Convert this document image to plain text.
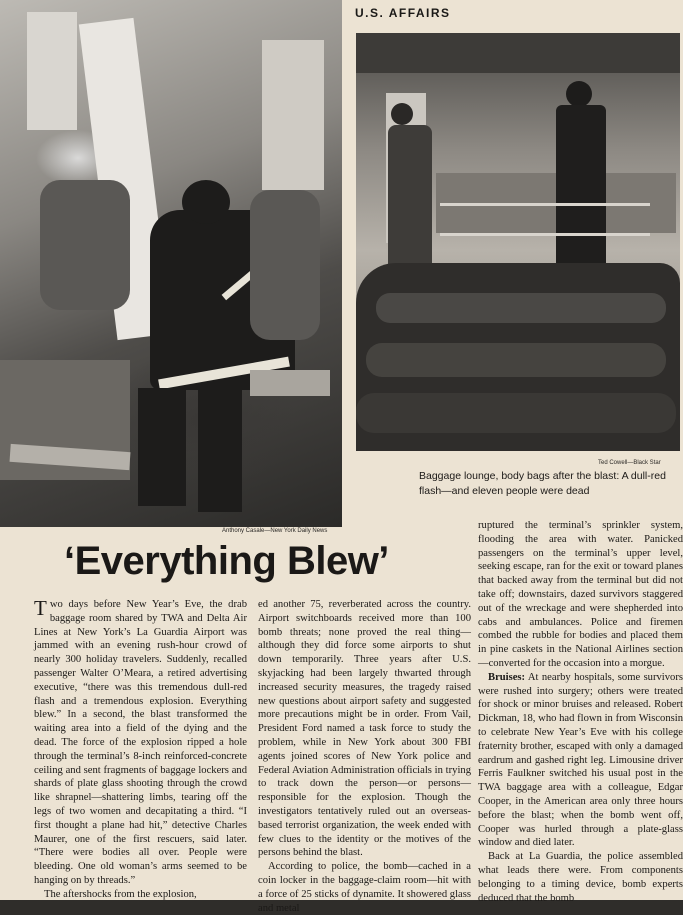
Anthony Casale—New York Daily News
U.S. AFFAIRS
Ted Cowell—Black Star
Baggage lounge, body bags after the blast: A dull-red flash—and eleven people were dead
‘Everything Blew’

Two days before New Year’s Eve, the drab baggage room shared by TWA and Delta Air Lines at New York’s La Guardia Airport was jammed with an evening rush-hour crowd of nearly 300 holiday travelers. Suddenly, recalled passenger Walter O’Meara, a retired advertising executive, “there was this tremendous dull-red flash and a tremendous explosion. Everything blew.” In a second, the blast transformed the waiting area into a field of the dying and the dead. The force of the explosion ripped a hole through the terminal’s 8-inch reinforced-concrete ceiling and sent fragments of baggage lockers and shards of plate glass shooting through the crowd like shrapnel—shattering limbs, tearing off the legs of two women and decapitating a third. “I first thought a plane had hit,” detective Charles Maurer, one of the first rescuers, said later. “There were bodies all over. People were bleeding. One old woman’s arms seemed to be hanging on by threads.”

The aftershocks from the explosion,

ed another 75, reverberated across the country. Airport switchboards received more than 100 bomb threats; none proved the real thing—although they did force some airports to shut down temporarily. Three years after U.S. skyjacking had been largely thwarted through increased security measures, the tragedy raised new questions about airport safety and suggested more precautions might be in order. From Vail, President Ford named a task force to study the problem, while in New York about 300 FBI agents joined scores of New York police and Federal Aviation Administration officials in trying to track down the person—or persons—responsible for the explosion. Though the investigators tentatively ruled out an overseas-based terrorist organization, the week ended with few clues to the identity or the motives of the persons behind the blast.

According to police, the bomb—cached in a coin locker in the baggage-claim room—hit with a force of 25 sticks of dynamite. It showered glass and metal

ruptured the terminal’s sprinkler system, flooding the area with water. Panicked passengers on the terminal’s upper level, seeking escape, ran for the exit or toward planes that backed away from the terminal but did not take off; downstairs, dazed survivors staggered out of the wreckage and were shepherded into cabs and ambulances. Police and firemen combed the rubble for bodies and placed them in pine caskets in the National Airlines section—converted for the occasion into a morgue.

Bruises: At nearby hospitals, some survivors were rushed into surgery; others were treated for shock or minor bruises and released. Robert Dickman, 18, who had flown in from Wisconsin to celebrate New Year’s Eve with his college fraternity brother, escaped with only a damaged eardrum and gashed right leg. Limousine driver Ferris Faulkner switched his usual post in the TWA baggage area with a colleague, Edgar Cooper, in the American area only three hours before the blast; when the bomb went off, Cooper was hurled through a plate-glass window and died later.

Back at La Guardia, the police assembled what leads there were. From components belonging to a timing device, bomb experts deduced that the bomb
